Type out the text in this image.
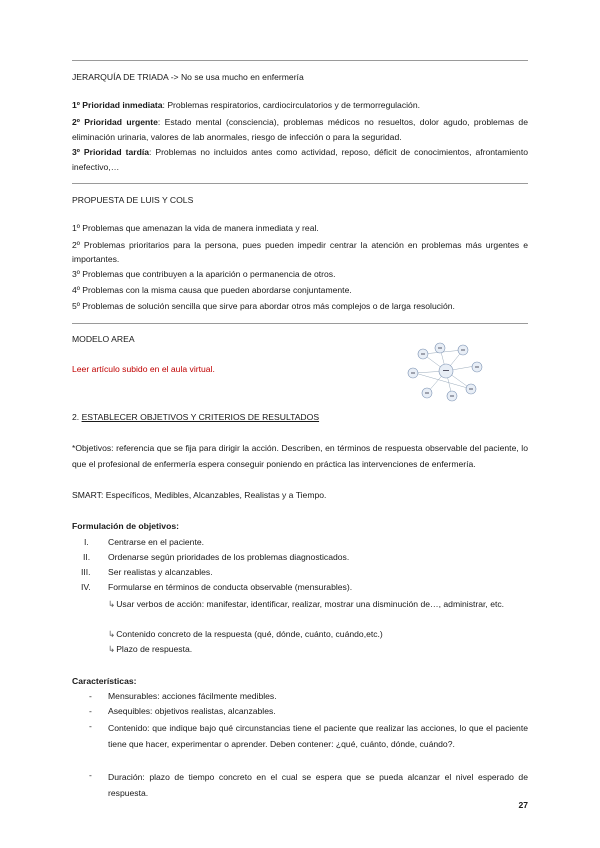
JERARQUÍA DE TRIADA -> No se usa mucho en enfermería
1º Prioridad inmediata: Problemas respiratorios, cardiocirculatorios y de termorregulación.
2º Prioridad urgente: Estado mental (consciencia), problemas médicos no resueltos, dolor agudo, problemas de eliminación urinaria, valores de lab anormales, riesgo de infección o para la seguridad.
3º Prioridad tardía: Problemas no incluidos antes como actividad, reposo, déficit de conocimientos, afrontamiento inefectivo,…
PROPUESTA DE LUIS Y COLS
1º Problemas que amenazan la vida de manera inmediata y real.
2º Problemas prioritarios para la persona, pues pueden impedir centrar la atención en problemas más urgentes e importantes.
3º Problemas que contribuyen a la aparición o permanencia de otros.
4º Problemas con la misma causa que pueden abordarse conjuntamente.
5º Problemas de solución sencilla que sirve para abordar otros más complejos o de larga resolución.
MODELO AREA
Leer artículo subido en el aula virtual.
2. ESTABLECER OBJETIVOS Y CRITERIOS DE RESULTADOS
*Objetivos: referencia que se fija para dirigir la acción. Describen, en términos de respuesta observable del paciente, lo que el profesional de enfermería espera conseguir poniendo en práctica las intervenciones de enfermería.
SMART: Específicos, Medibles, Alcanzables, Realistas y a Tiempo.
Formulación de objetivos:
I. Centrarse en el paciente.
II. Ordenarse según prioridades de los problemas diagnosticados.
III. Ser realistas y alcanzables.
IV. Formularse en términos de conducta observable (mensurables).
↳Usar verbos de acción: manifestar, identificar, realizar, mostrar una disminución de…, administrar, etc.
↳Contenido concreto de la respuesta (qué, dónde, cuánto, cuándo,etc.)
↳Plazo de respuesta.
Características:
- Mensurables: acciones fácilmente medibles.
- Asequibles: objetivos realistas, alcanzables.
- Contenido: que indique bajo qué circunstancias tiene el paciente que realizar las acciones, lo que el paciente tiene que hacer, experimentar o aprender. Deben contener: ¿qué, cuánto, dónde, cuándo?.
- Duración: plazo de tiempo concreto en el cual se espera que se pueda alcanzar el nivel esperado de respuesta.
27
